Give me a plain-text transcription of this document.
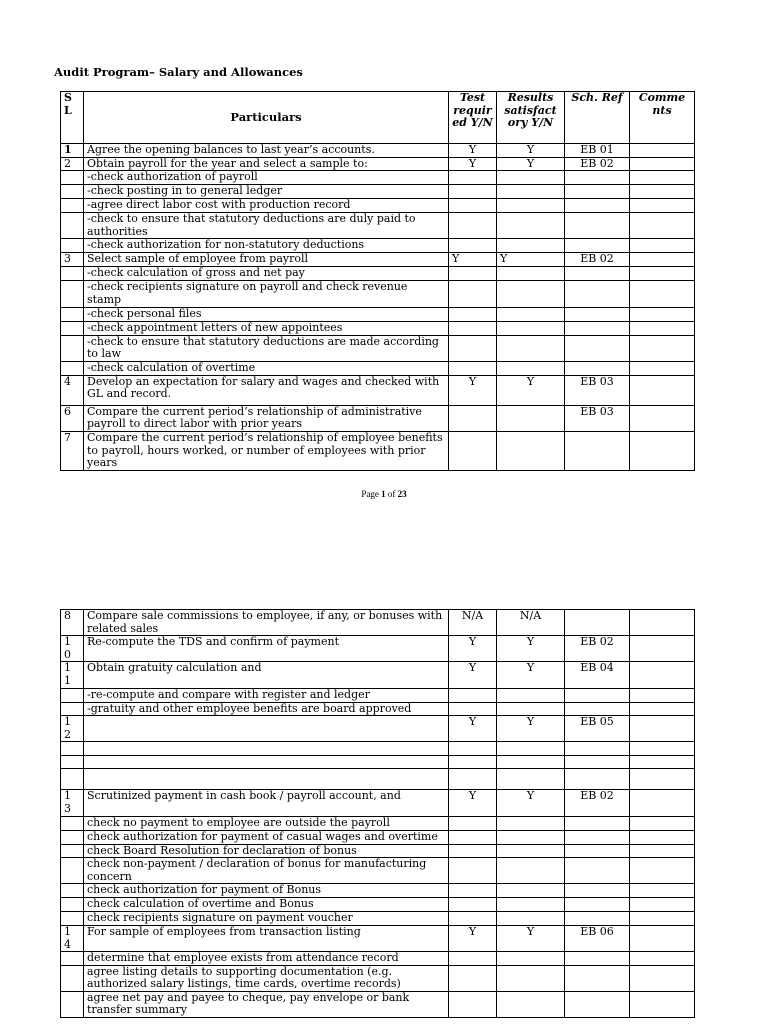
Audit Program– Salary and Allowances
S L	Particulars	Test requir ed Y/N	Results satisfact ory Y/N	Sch. Ref	Comme nts
1	Agree the opening balances to last year’s accounts.	Y	Y	EB 01	
2	Obtain payroll for the year and select a sample to:	Y	Y	EB 02	
	-check authorization of payroll				
	-check posting in to general ledger				
	-agree direct labor cost with production record				
	-check to ensure that statutory deductions are duly paid to authorities				
	-check authorization for non-statutory deductions				
3	Select sample of employee from payroll	Y	Y	EB 02	
	-check calculation of gross and net pay				
	-check recipients signature on payroll and check revenue stamp				
	-check personal files				
	-check appointment letters of new appointees				
	-check to ensure that statutory deductions are made according to law				
	-check calculation of overtime				
4	Develop an expectation for salary and wages and checked with GL and record.	Y	Y	EB 03	
6	Compare the current period’s relationship of administrative payroll to direct labor with prior years			EB 03	
7	Compare the current period’s relationship of employee benefits to payroll, hours worked, or number of employees with prior years				
Page 1 of 23
8	Compare sale commissions to employee, if any, or bonuses with related sales	N/A	N/A		
1 0	Re-compute the TDS and confirm of payment	Y	Y	EB 02	
1 1	Obtain gratuity calculation and	Y	Y	EB 04	
	-re-compute and compare with register and ledger				
	-gratuity and other employee benefits are board approved				
1 2		Y	Y	EB 05	

1 3	Scrutinized payment in cash book / payroll account, and	Y	Y	EB 02	
	check no payment to employee are outside the payroll				
	check authorization for payment of casual wages and overtime				
	check Board Resolution for declaration of bonus				
	check non-payment / declaration of bonus for manufacturing concern				
	check authorization for payment of Bonus				
	check calculation of overtime and Bonus				
	check recipients signature on payment voucher				
1 4	For sample of employees from transaction listing	Y	Y	EB 06	
	determine that employee exists from attendance record				
	agree listing details to supporting documentation (e.g. authorized salary listings, time cards, overtime records)				
	agree net pay and payee to cheque, pay envelope or bank transfer summary				
